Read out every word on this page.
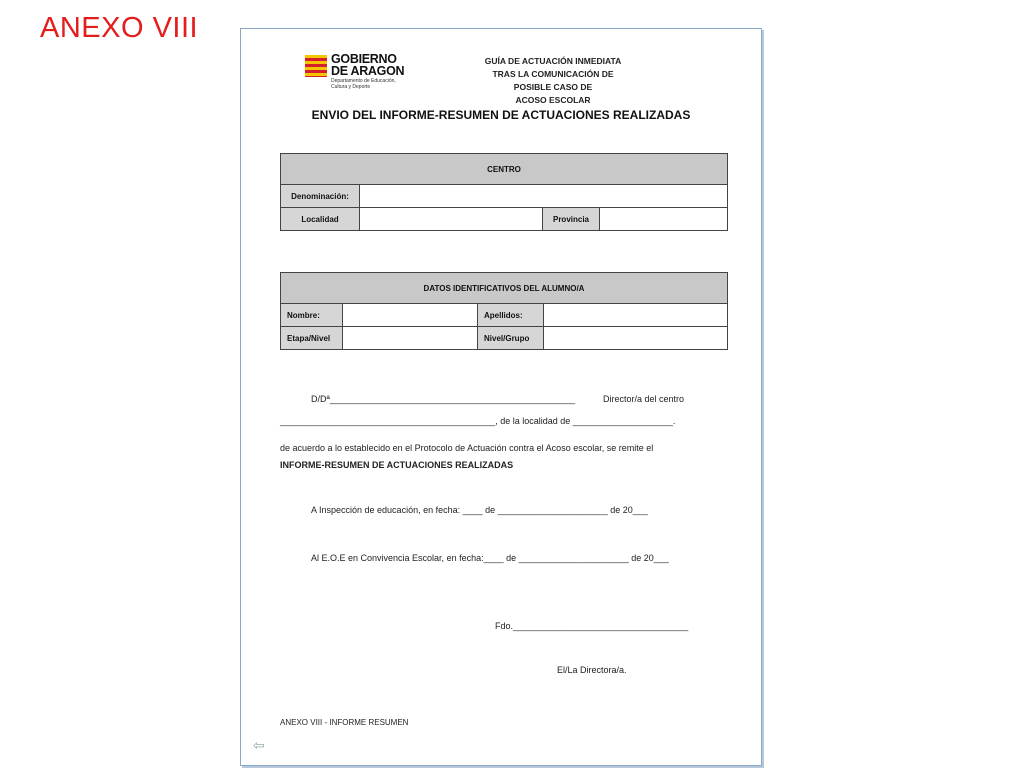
ANEXO VIII
GOBIERNO
DE ARAGON
Departamento de Educación, Cultura y Deporte
GUÍA DE ACTUACIÓN INMEDIATA
TRAS LA COMUNICACIÓN DE POSIBLE CASO DE
ACOSO ESCOLAR
ENVIO DEL INFORME-RESUMEN DE ACTUACIONES REALIZADAS
CENTRO			
Denominación:			
Localidad		Provincia	
DATOS IDENTIFICATIVOS DEL ALUMNO/A			
Nombre:		Apellidos:	
Etapa/Nivel		Nivel/Grupo	
D/Dª_________________________________________________	Director/a del centro
___________________________________________, de la localidad de ____________________.
de acuerdo a lo establecido en el Protocolo de Actuación contra el Acoso escolar, se remite el
INFORME-RESUMEN DE ACTUACIONES REALIZADAS
A Inspección de educación, en fecha: ____ de ______________________ de 20___
Al E.O.E en Convivencia Escolar, en fecha:____ de ______________________ de 20___
Fdo.___________________________________
El/La Directora/a.
ANEXO VIII - INFORME RESUMEN
⇦
